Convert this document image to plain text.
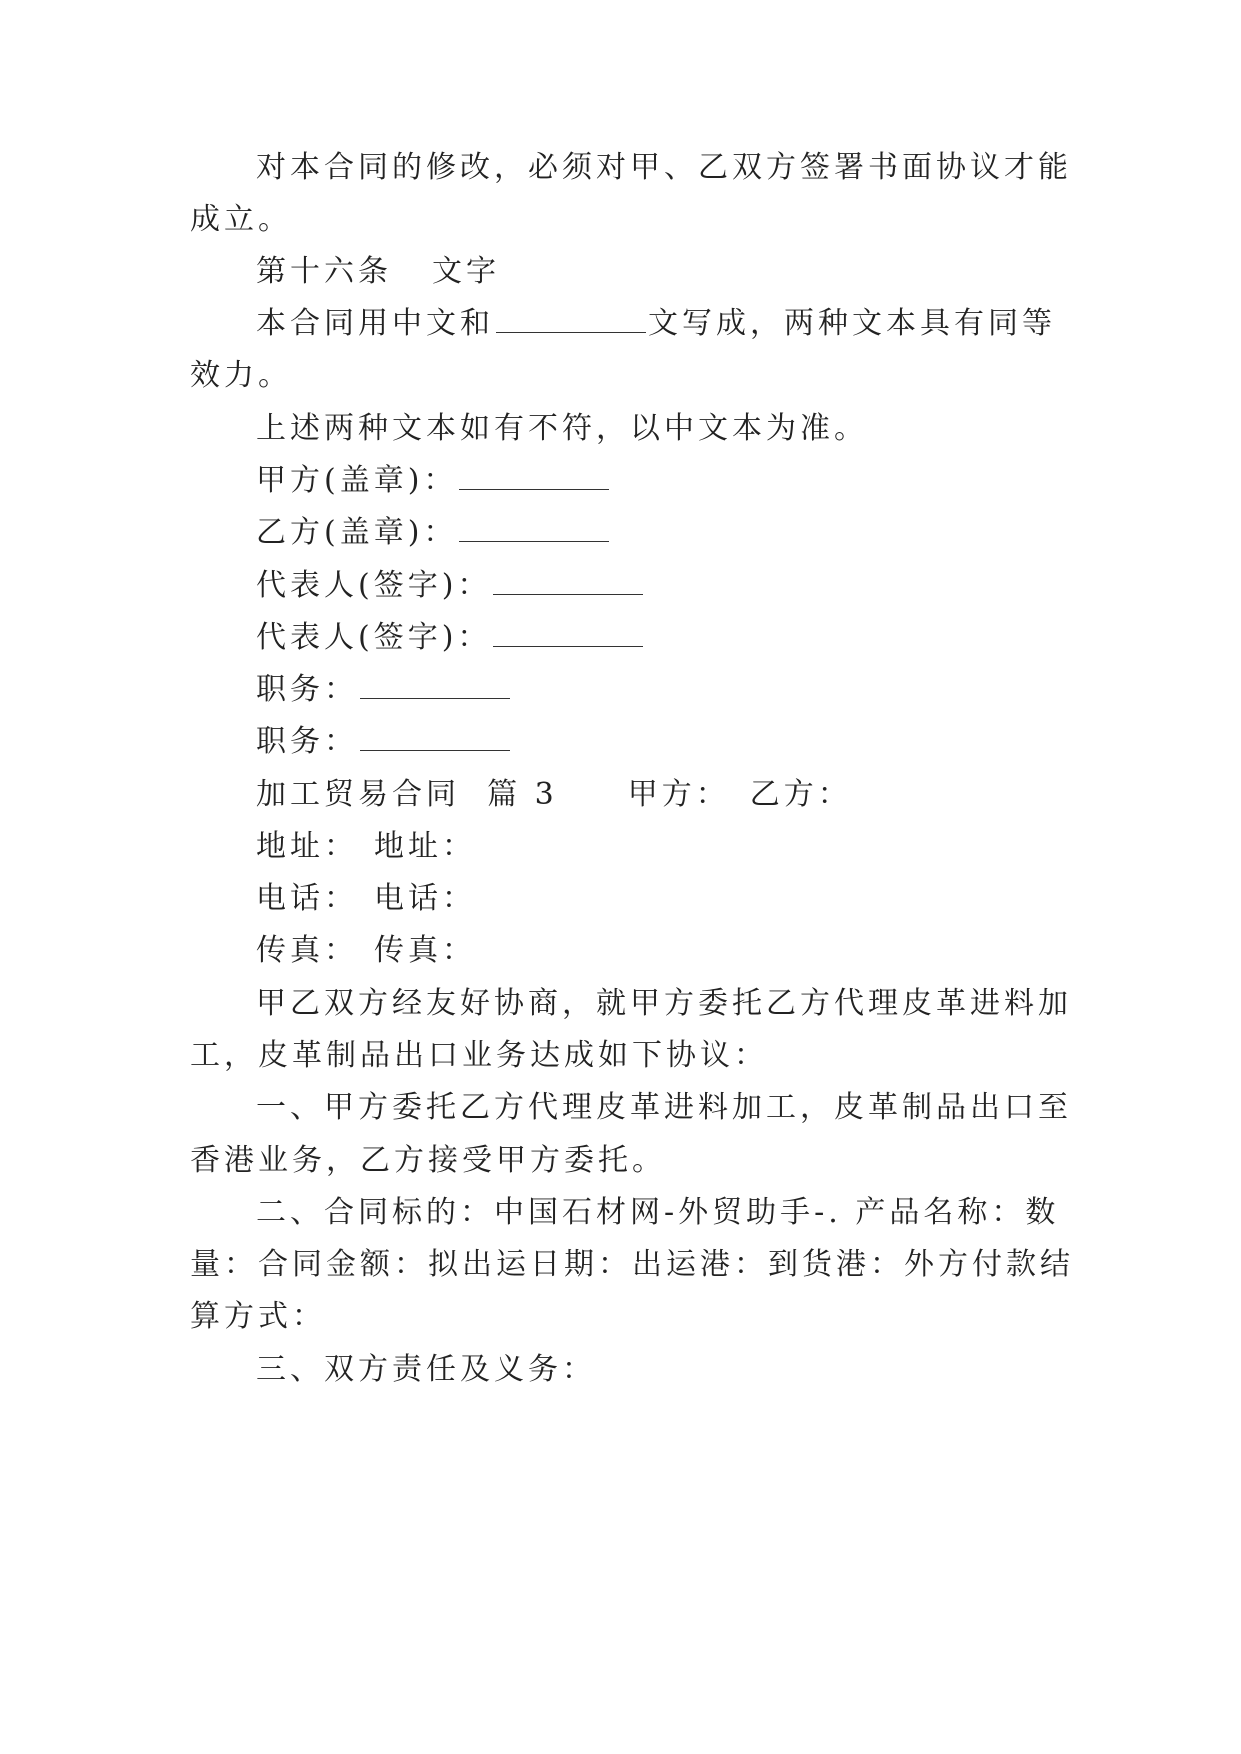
对本合同的修改，必须对甲、乙双方签署书面协议才能
成立。
第十六条 文字
本合同用中文和	文写成，两种文本具有同等
效力。
上述两种文本如有不符，以中文本为准。
甲方(盖章)：
乙方(盖章)：
代表人(签字)：
代表人(签字)：
职务：
职务：
加工贸易合同  篇 3 甲方： 乙方：
地址： 地址：
电话： 电话：
传真： 传真：
甲乙双方经友好协商，就甲方委托乙方代理皮革进料加
工，皮革制品出口业务达成如下协议：
一、甲方委托乙方代理皮革进料加工，皮革制品出口至
香港业务，乙方接受甲方委托。
二、合同标的：中国石材网-外贸助手-. 产品名称：数
量：合同金额：拟出运日期：出运港：到货港：外方付款结
算方式：
三、双方责任及义务：
